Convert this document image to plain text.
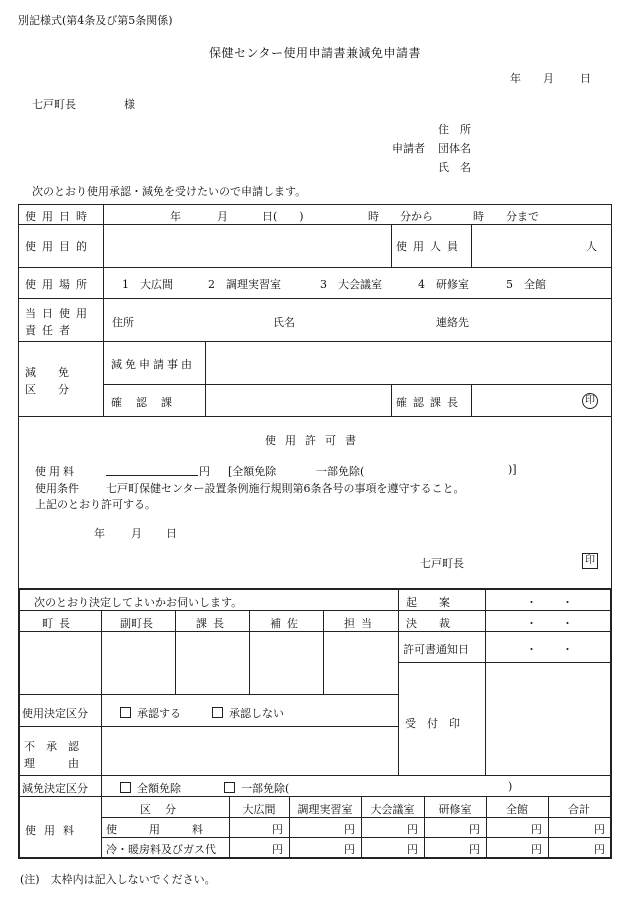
別記様式(第4条及び第5条関係)
保健センター使用申請書兼減免申請書
年 月 日
七戸町長	様
住　所
申請者 団体名
氏　名
次のとおり使用承認・減免を受けたいので申請します。
使用日時	年	月	日(　　)	時 分から	時 分まで
使用目的	使用人員	人
使用場所	1　大広間	2　調理実習室	3　大会議室	4　研修室	5　全館
当日使用
責任者
住所	氏名	連絡先
減　　免
区　　分
減免申請事由
確認課	確認課長	印
使用許可書
使用料	円 [全額免除	一部免除(	)]
使用条件 七戸町保健センター設置条例施行規則第6条各号の事項を遵守すること。
上記のとおり許可する。
年 月 日
七戸町長	印
次のとおり決定してよいかお伺いします。	起　　案	・ ・
決　　裁	・ ・
許可書通知日	・ ・
町長	副町長	課長	補佐	担当
受　付　印
使用決定区分	承認する	承認しない
不　承　認
理　　　由
減免決定区分	全額免除	一部免除(	)
使用料
区分	大広間	調理実習室	大会議室	研修室	全館	合計
使用料	円	円	円	円	円	円
冷・暖房料及びガス代	円	円	円	円	円	円
(注)　太枠内は記入しないでください。
